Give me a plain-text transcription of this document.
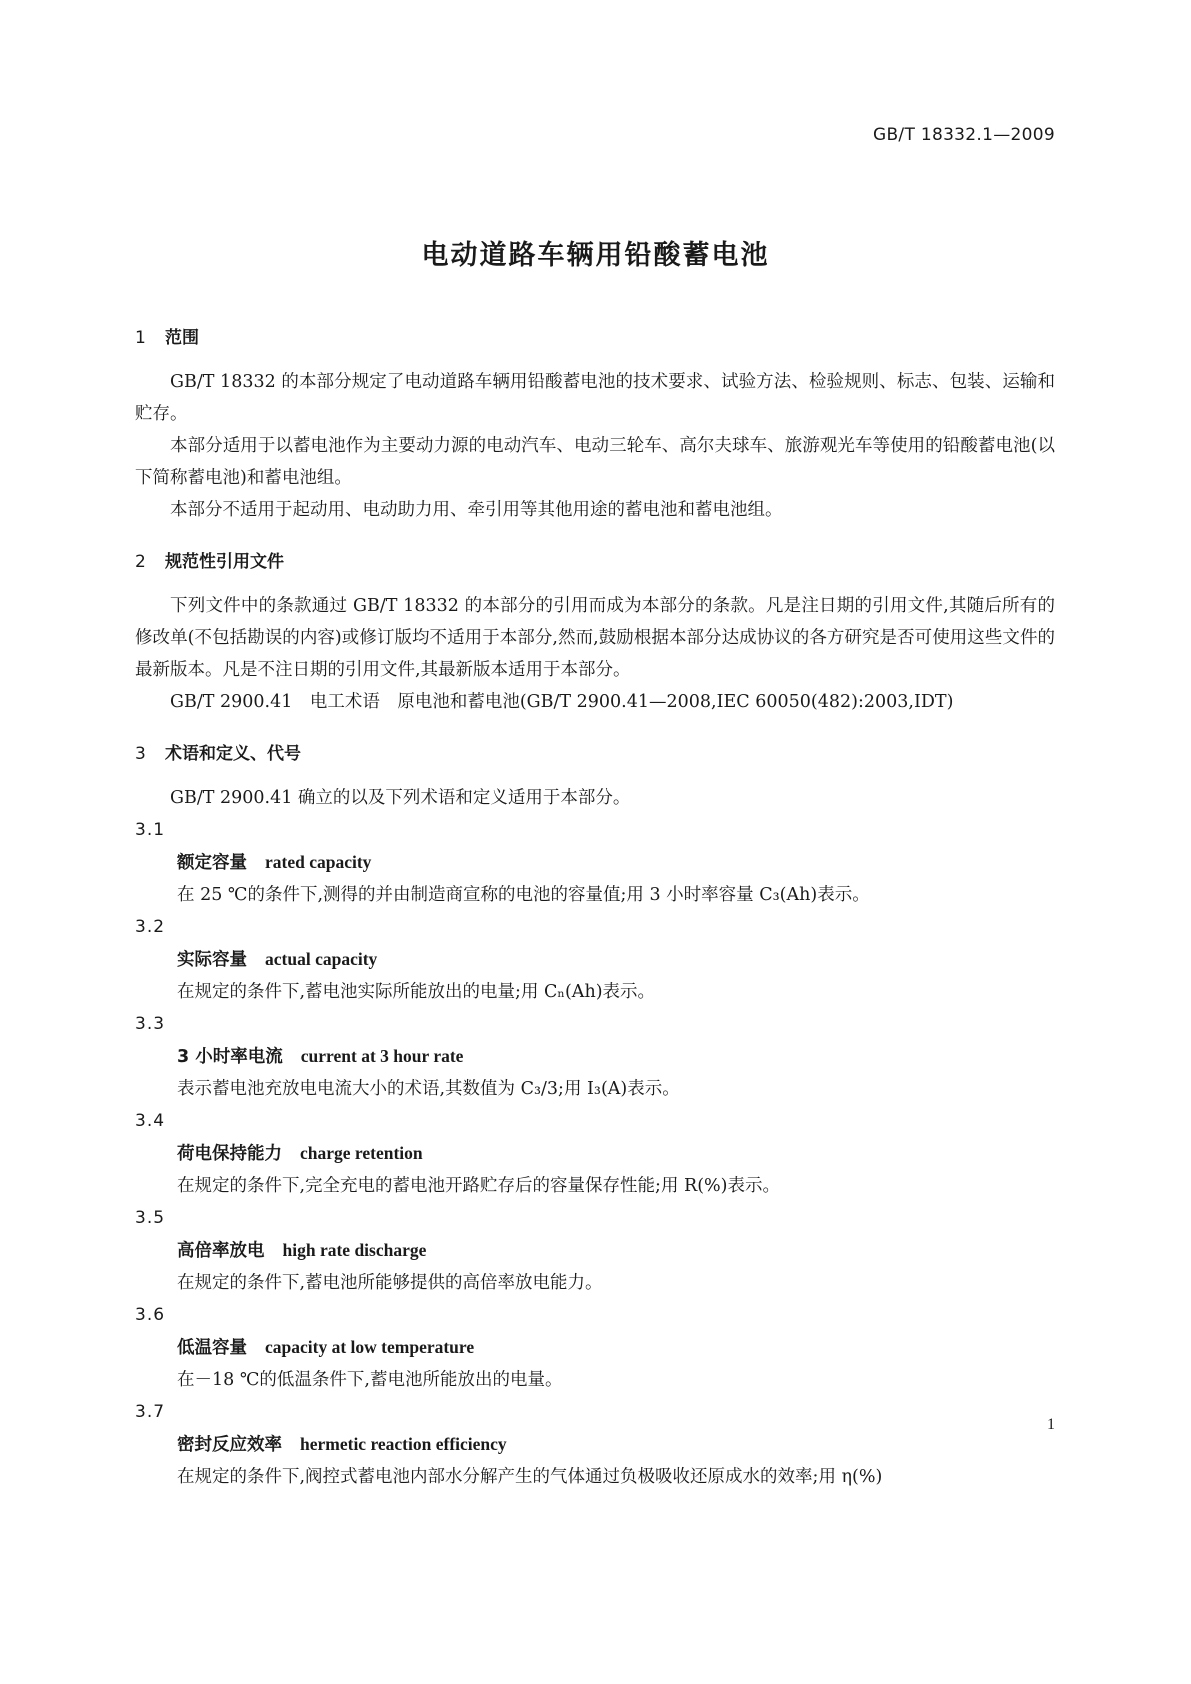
GB/T 18332.1—2009
电动道路车辆用铅酸蓄电池

1 范围

GB/T 18332 的本部分规定了电动道路车辆用铅酸蓄电池的技术要求、试验方法、检验规则、标志、包装、运输和贮存。

本部分适用于以蓄电池作为主要动力源的电动汽车、电动三轮车、高尔夫球车、旅游观光车等使用的铅酸蓄电池(以下简称蓄电池)和蓄电池组。

本部分不适用于起动用、电动助力用、牵引用等其他用途的蓄电池和蓄电池组。

2 规范性引用文件

下列文件中的条款通过 GB/T 18332 的本部分的引用而成为本部分的条款。凡是注日期的引用文件,其随后所有的修改单(不包括勘误的内容)或修订版均不适用于本部分,然而,鼓励根据本部分达成协议的各方研究是否可使用这些文件的最新版本。凡是不注日期的引用文件,其最新版本适用于本部分。

GB/T 2900.41　电工术语　原电池和蓄电池(GB/T 2900.41—2008,IEC 60050(482):2003,IDT)

3 术语和定义、代号

GB/T 2900.41 确立的以及下列术语和定义适用于本部分。

3.1

额定容量 rated capacity

在 25 ℃的条件下,测得的并由制造商宣称的电池的容量值;用 3 小时率容量 C₃(Ah)表示。

3.2

实际容量 actual capacity

在规定的条件下,蓄电池实际所能放出的电量;用 Cₙ(Ah)表示。

3.3

3 小时率电流 current at 3 hour rate

表示蓄电池充放电电流大小的术语,其数值为 C₃/3;用 I₃(A)表示。

3.4

荷电保持能力 charge retention

在规定的条件下,完全充电的蓄电池开路贮存后的容量保存性能;用 R(%)表示。

3.5

高倍率放电 high rate discharge

在规定的条件下,蓄电池所能够提供的高倍率放电能力。

3.6

低温容量 capacity at low temperature

在－18 ℃的低温条件下,蓄电池所能放出的电量。

3.7

密封反应效率 hermetic reaction efficiency

在规定的条件下,阀控式蓄电池内部水分解产生的气体通过负极吸收还原成水的效率;用 η(%)

1
